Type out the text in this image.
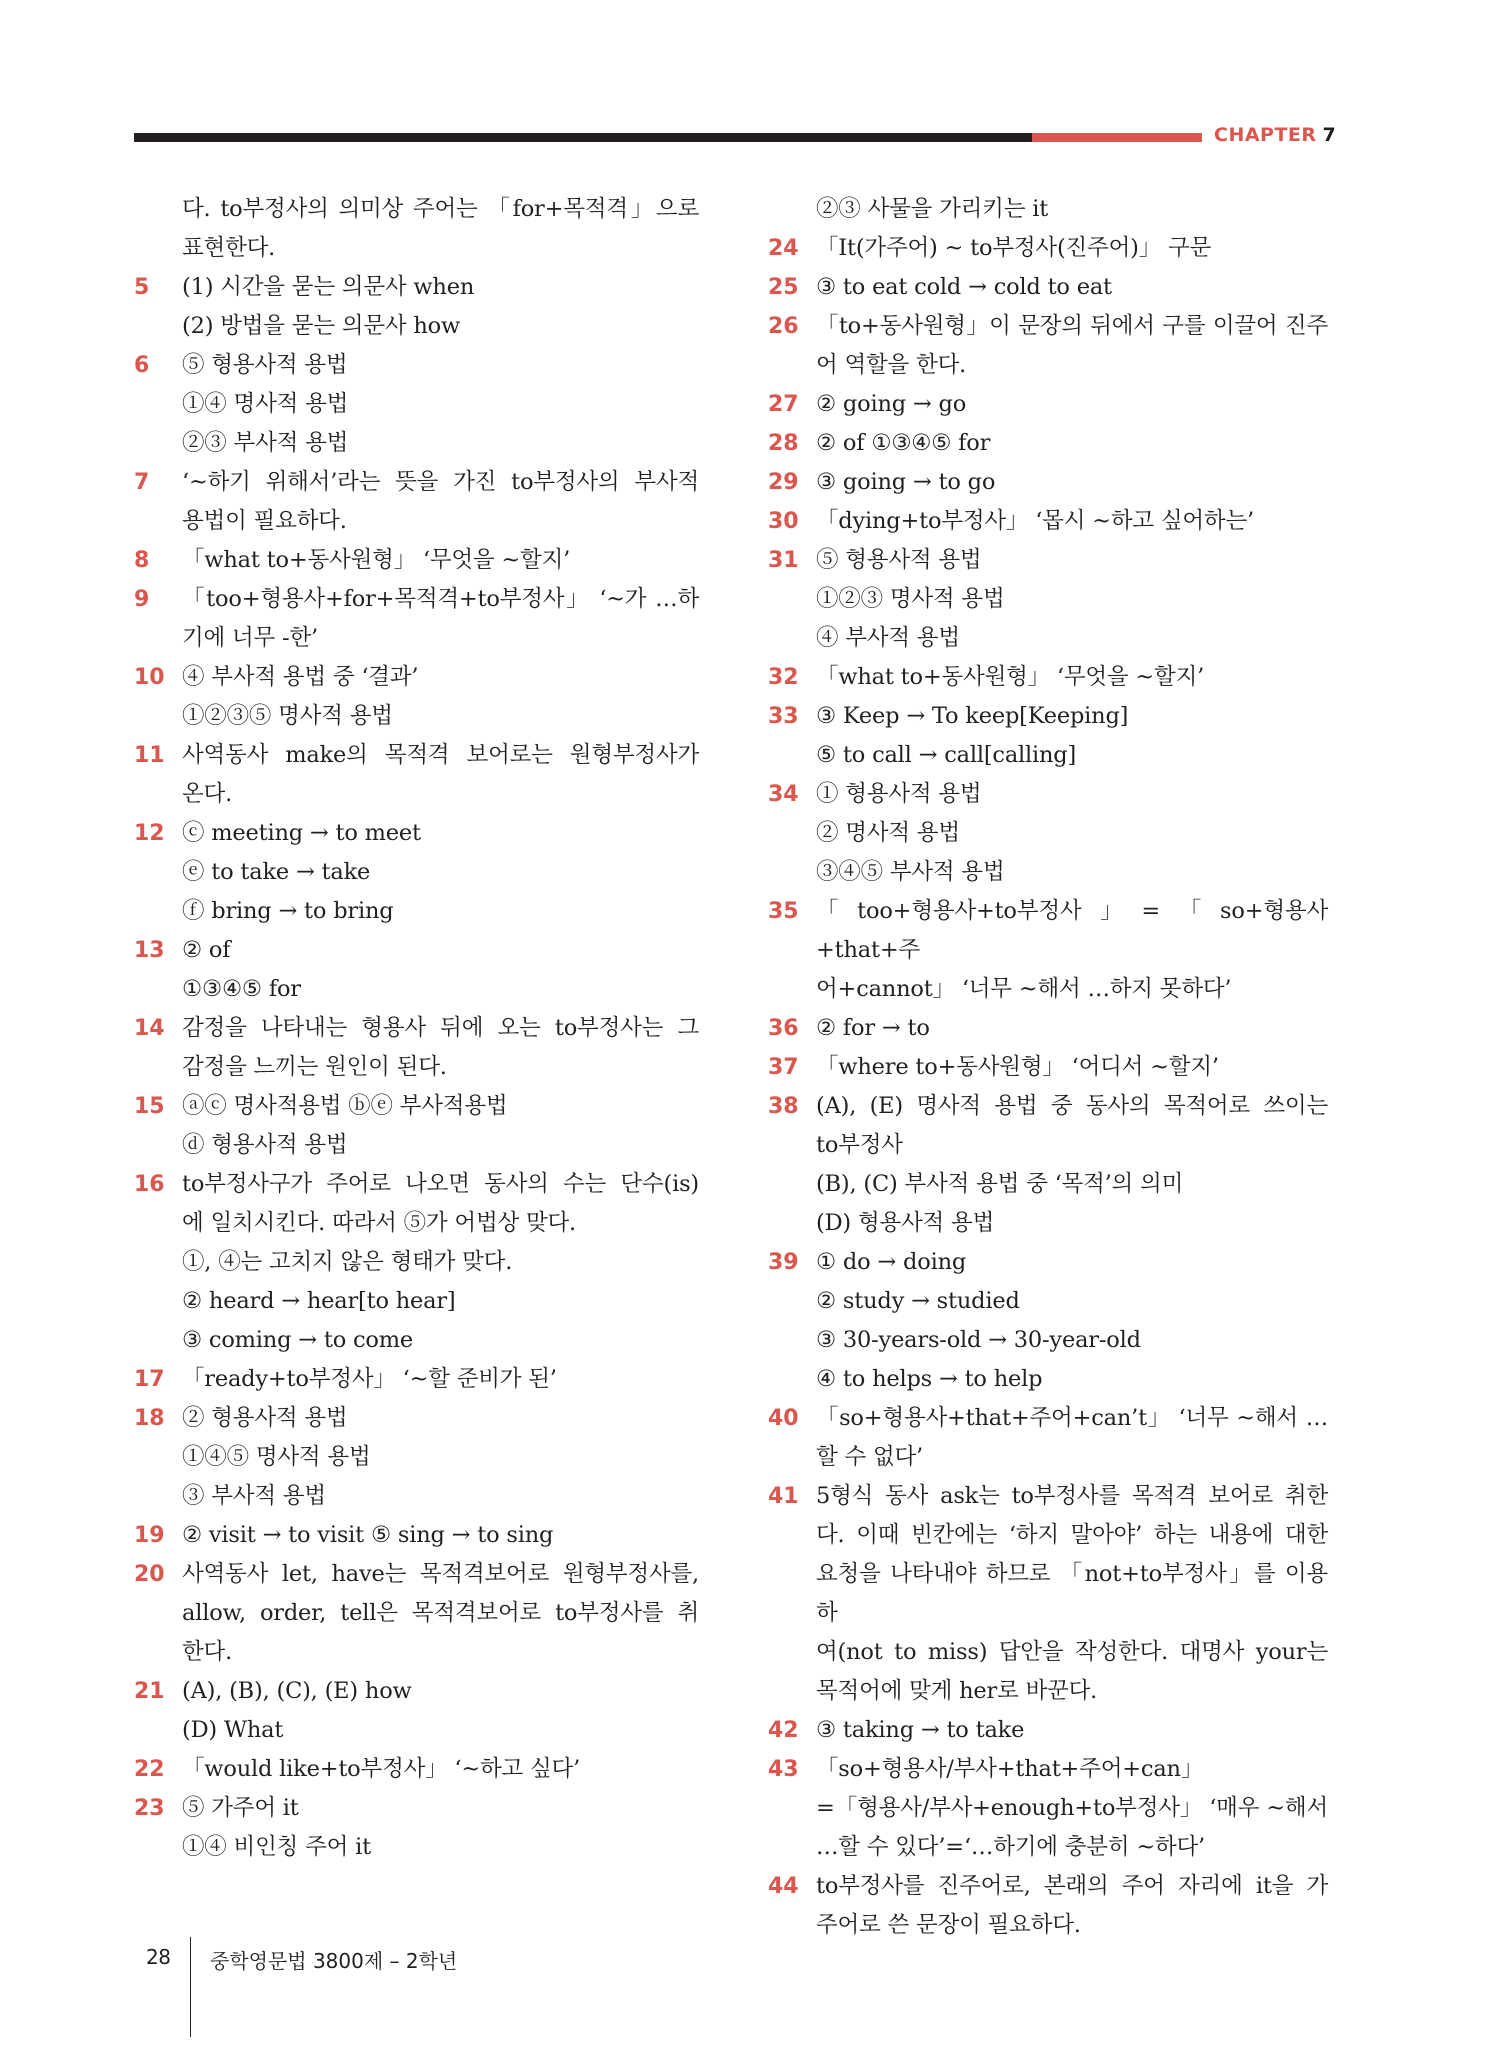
CHAPTER 7
다. to부정사의 의미상 주어는 「for+목적격」으로
표현한다.
5	(1) 시간을 묻는 의문사 when
(2) 방법을 묻는 의문사 how
6	⑤ 형용사적 용법
①④ 명사적 용법
②③ 부사적 용법
7	‘~하기 위해서’라는 뜻을 가진 to부정사의 부사적
용법이 필요하다.
8	「what to+동사원형」 ‘무엇을 ~할지’
9	「too+형용사+for+목적격+to부정사」 ‘~가 …하
기에 너무 -한’
10 ④ 부사적 용법 중 ‘결과’
①②③⑤ 명사적 용법
11 사역동사 make의 목적격 보어로는 원형부정사가
온다.
12 ⓒ meeting → to meet
ⓔ to take → take
ⓕ bring → to bring
13 ② of
①③④⑤ for
14 감정을 나타내는 형용사 뒤에 오는 to부정사는 그
감정을 느끼는 원인이 된다.
15 ⓐⓒ 명사적용법 ⓑⓔ 부사적용법
ⓓ 형용사적 용법
16 to부정사구가 주어로 나오면 동사의 수는 단수(is)
에 일치시킨다. 따라서 ⑤가 어법상 맞다.
①, ④는 고치지 않은 형태가 맞다.
② heard → hear[to hear]
③ coming → to come
17 「ready+to부정사」 ‘~할 준비가 된’
18 ② 형용사적 용법
①④⑤ 명사적 용법
③ 부사적 용법
19 ② visit → to visit ⑤ sing → to sing
20 사역동사 let, have는 목적격보어로 원형부정사를,
allow, order, tell은 목적격보어로 to부정사를 취
한다.
21 (A), (B), (C), (E) how
(D) What
22 「would like+to부정사」 ‘~하고 싶다’
23 ⑤ 가주어 it
①④ 비인칭 주어 it
②③ 사물을 가리키는 it
24 「It(가주어) ~ to부정사(진주어)」 구문
25 ③ to eat cold → cold to eat
26 「to+동사원형」이 문장의 뒤에서 구를 이끌어 진주
어 역할을 한다.
27 ② going → go
28 ② of ①③④⑤ for
29 ③ going → to go
30 「dying+to부정사」 ‘몹시 ~하고 싶어하는’
31 ⑤ 형용사적 용법
①②③ 명사적 용법
④ 부사적 용법
32 「what to+동사원형」 ‘무엇을 ~할지’
33 ③ Keep → To keep[Keeping]
⑤ to call → call[calling]
34 ① 형용사적 용법
② 명사적 용법
③④⑤ 부사적 용법
35 「too+형용사+to부정사」=「so+형용사+that+주
어+cannot」 ‘너무 ~해서 …하지 못하다’
36 ② for → to
37 「where to+동사원형」 ‘어디서 ~할지’
38 (A), (E) 명사적 용법 중 동사의 목적어로 쓰이는
to부정사
(B), (C) 부사적 용법 중 ‘목적’의 의미
(D) 형용사적 용법
39 ① do → doing
② study → studied
③ 30-years-old → 30-year-old
④ to helps → to help
40 「so+형용사+that+주어+can’t」 ‘너무 ~해서 …
할 수 없다’
41 5형식 동사 ask는 to부정사를 목적격 보어로 취한
다. 이때 빈칸에는 ‘하지 말아야’ 하는 내용에 대한
요청을 나타내야 하므로 「not+to부정사」를 이용하
여(not to miss) 답안을 작성한다. 대명사 your는
목적어에 맞게 her로 바꾼다.
42 ③ taking → to take
43 「so+형용사/부사+that+주어+can」
=「형용사/부사+enough+to부정사」 ‘매우 ~해서
…할 수 있다’=‘…하기에 충분히 ~하다’
44 to부정사를 진주어로, 본래의 주어 자리에 it을 가
주어로 쓴 문장이 필요하다.
28 중학영문법 3800제 – 2학년
